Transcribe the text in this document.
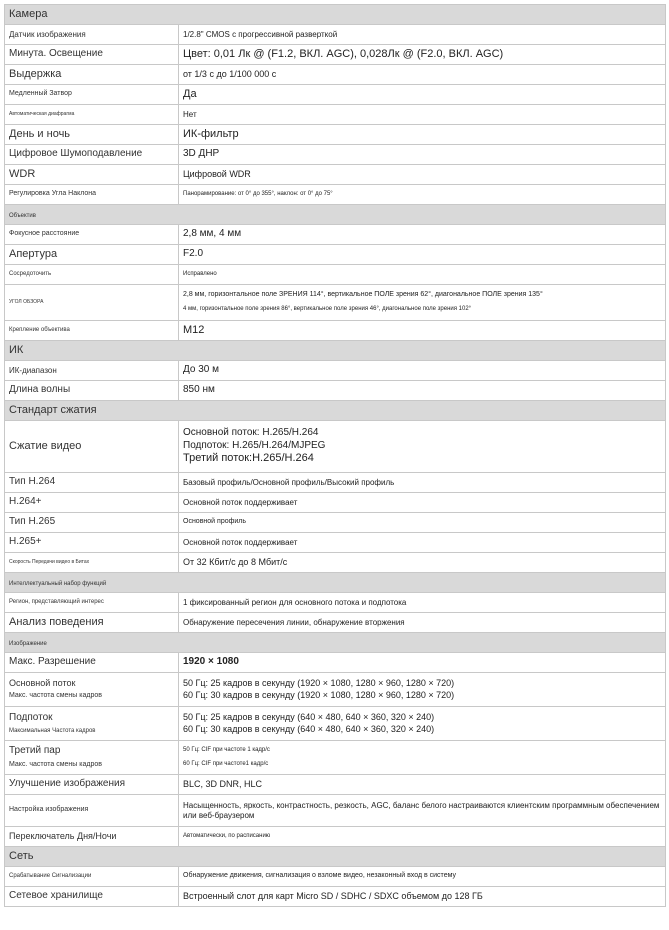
Камера	
Датчик изображения	1/2.8" CMOS с прогрессивной разверткой
Минута. Освещение	Цвет: 0,01 Лк @ (F1.2, ВКЛ. AGC), 0,028Лк @ (F2.0, ВКЛ. AGC)
Выдержка	от 1/3 с до 1/100 000 с
Медленный Затвор	Да
Автоматическая диафрагма	Нет
День и ночь	ИК-фильтр
Цифровое Шумоподавление	3D ДНР
WDR	Цифровой WDR
Регулировка Угла Наклона	Панорамирование: от 0° до 355°, наклон: от 0° до 75°
Объектив	
Фокусное расстояние	2,8 мм, 4 мм
Апертура	F2.0
Сосредоточить	Исправлено
УГОЛ ОБЗОРА	2,8 мм, горизонтальное поле ЗРЕНИЯ 114°, вертикальное ПОЛЕ зрения 62°, диагональное ПОЛЕ зрения 135°
4 мм, горизонтальное поле зрения 86°, вертикальное поле зрения 46°, диагональное поле зрения 102°

Крепление объектива	M12
ИК	
ИК-диапазон	До 30 м
Длина волны	850 нм
Стандарт сжатия	
Сжатие видео	Основной поток: H.265/H.264
Подпоток: H.265/H.264/MJPEG
Третий поток:H.265/H.264

Тип H.264	Базовый профиль/Основной профиль/Высокий профиль
H.264+	Основной поток поддерживает
Тип H.265	Основной профиль
H.265+	Основной поток поддерживает
Скорость Передачи видео в Битах	От 32 Кбит/с до 8 Мбит/с
Интеллектуальный набор функций	
Регион, представляющий интерес	1 фиксированный регион для основного потока и подпотока
Анализ поведения	Обнаружение пересечения линии, обнаружение вторжения
Изображение	
Макс. Разрешение	1920 × 1080

Основной поток
Макс. частота смены кадров	50 Гц: 25 кадров в секунду (1920 × 1080, 1280 × 960, 1280 × 720)
60 Гц: 30 кадров в секунду (1920 × 1080, 1280 × 960, 1280 × 720)

Подпоток
Максимальная Частота кадров	50 Гц: 25 кадров в секунду (640 × 480, 640 × 360, 320 × 240)
60 Гц: 30 кадров в секунду (640 × 480, 640 × 360, 320 × 240)

Третий пар
Макс. частота смены кадров	50 Гц: CIF при частоте 1 кадр/с
60 Гц: CIF при частоте1 кадр/с

Улучшение изображения	BLC, 3D DNR, HLC
Настройка изображения	Насыщенность, яркость, контрастность, резкость, AGC, баланс белого настраиваются клиентским программным обеспечением или веб-браузером
Переключатель Дня/Ночи	Автоматически, по расписанию
Сеть	
Срабатывание Сигнализации	Обнаружение движения, сигнализация о взломе видео, незаконный вход в систему
Сетевое хранилище	Встроенный слот для карт Micro SD / SDHC / SDXC объемом до 128 ГБ
